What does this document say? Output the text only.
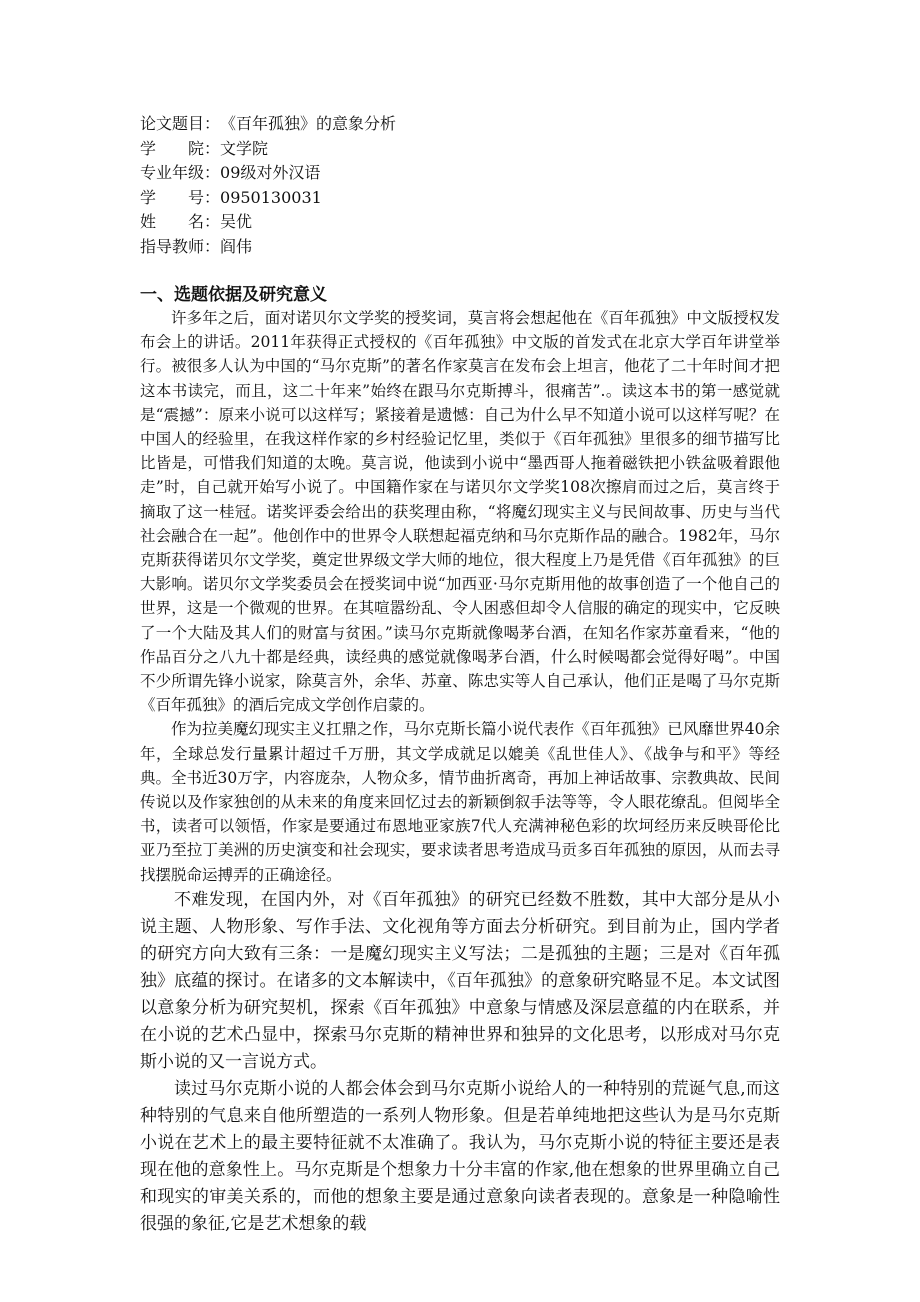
论文题目：《百年孤独》的意象分析
学　　院：文学院
专业年级：09级对外汉语
学　　号：0950130031
姓　　名：吴优
指导教师：阎伟
一、选题依据及研究意义

许多年之后，面对诺贝尔文学奖的授奖词，莫言将会想起他在《百年孤独》中文版授权发布会上的讲话。2011年获得正式授权的《百年孤独》中文版的首发式在北京大学百年讲堂举行。被很多人认为中国的“马尔克斯”的著名作家莫言在发布会上坦言，他花了二十年时间才把这本书读完，而且，这二十年来”始终在跟马尔克斯搏斗，很痛苦”.。读这本书的第一感觉就是“震撼”：原来小说可以这样写；紧接着是遗憾：自己为什么早不知道小说可以这样写呢？在中国人的经验里，在我这样作家的乡村经验记忆里，类似于《百年孤独》里很多的细节描写比比皆是，可惜我们知道的太晚。莫言说，他读到小说中“墨西哥人拖着磁铁把小铁盆吸着跟他走”时，自己就开始写小说了。中国籍作家在与诺贝尔文学奖108次擦肩而过之后，莫言终于摘取了这一桂冠。诺奖评委会给出的获奖理由称，“将魔幻现实主义与民间故事、历史与当代社会融合在一起”。他创作中的世界令人联想起福克纳和马尔克斯作品的融合。1982年，马尔克斯获得诺贝尔文学奖，奠定世界级文学大师的地位，很大程度上乃是凭借《百年孤独》的巨大影响。诺贝尔文学奖委员会在授奖词中说“加西亚·马尔克斯用他的故事创造了一个他自己的世界，这是一个微观的世界。在其喧嚣纷乱、令人困惑但却令人信服的确定的现实中，它反映了一个大陆及其人们的财富与贫困。”读马尔克斯就像喝茅台酒，在知名作家苏童看来，“他的作品百分之八九十都是经典，读经典的感觉就像喝茅台酒，什么时候喝都会觉得好喝”。中国不少所谓先锋小说家，除莫言外，余华、苏童、陈忠实等人自己承认，他们正是喝了马尔克斯《百年孤独》的酒后完成文学创作启蒙的。

作为拉美魔幻现实主义扛鼎之作，马尔克斯长篇小说代表作《百年孤独》已风靡世界40余年，全球总发行量累计超过千万册，其文学成就足以媲美《乱世佳人》、《战争与和平》等经典。全书近30万字，内容庞杂，人物众多，情节曲折离奇，再加上神话故事、宗教典故、民间传说以及作家独创的从未来的角度来回忆过去的新颖倒叙手法等等，令人眼花缭乱。但阅毕全书，读者可以领悟，作家是要通过布恩地亚家族7代人充满神秘色彩的坎坷经历来反映哥伦比亚乃至拉丁美洲的历史演变和社会现实，要求读者思考造成马贡多百年孤独的原因，从而去寻找摆脱命运搏弄的正确途径。

不难发现，在国内外，对《百年孤独》的研究已经数不胜数，其中大部分是从小说主题、人物形象、写作手法、文化视角等方面去分析研究。到目前为止，国内学者的研究方向大致有三条：一是魔幻现实主义写法；二是孤独的主题；三是对《百年孤独》底蕴的探讨。在诸多的文本解读中，《百年孤独》的意象研究略显不足。本文试图以意象分析为研究契机，探索《百年孤独》中意象与情感及深层意蕴的内在联系，并在小说的艺术凸显中，探索马尔克斯的精神世界和独异的文化思考，以形成对马尔克斯小说的又一言说方式。

读过马尔克斯小说的人都会体会到马尔克斯小说给人的一种特别的荒诞气息,而这种特别的气息来自他所塑造的一系列人物形象。但是若单纯地把这些认为是马尔克斯小说在艺术上的最主要特征就不太准确了。我认为，马尔克斯小说的特征主要还是表现在他的意象性上。马尔克斯是个想象力十分丰富的作家,他在想象的世界里确立自己和现实的审美关系的，而他的想象主要是通过意象向读者表现的。意象是一种隐喻性很强的象征,它是艺术想象的载
